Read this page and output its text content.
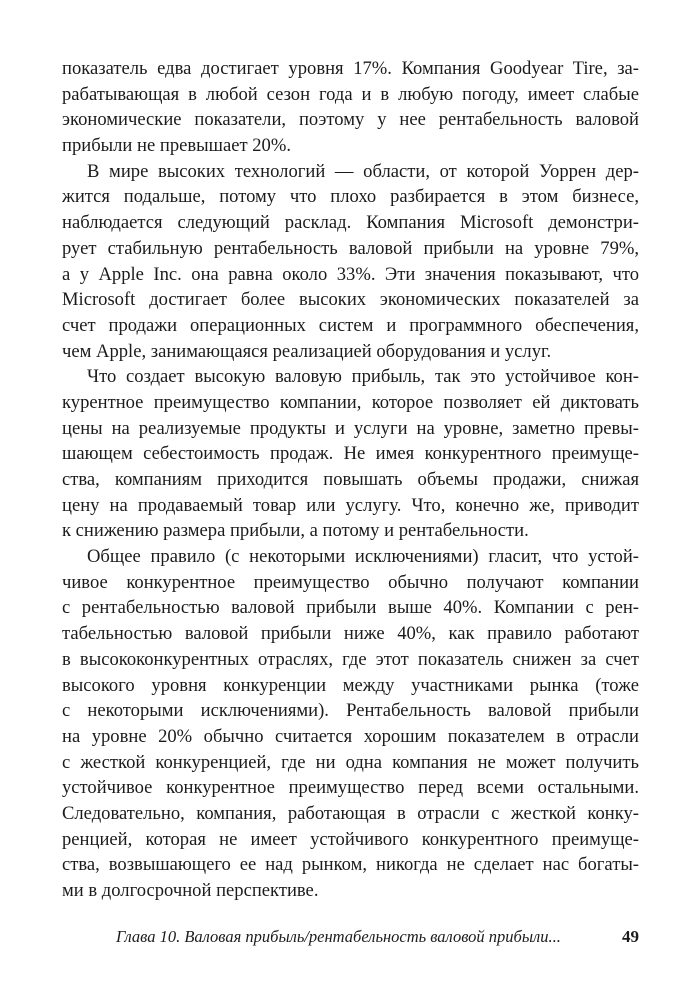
показатель едва достигает уровня 17%. Компания Goodyear Tire, за-
рабатывающая в любой сезон года и в любую погоду, имеет слабые
экономические показатели, поэтому у нее рентабельность валовой
прибыли не превышает 20%.
В мире высоких технологий — области, от которой Уоррен дер-
жится подальше, потому что плохо разбирается в этом бизнесе,
наблюдается следующий расклад. Компания Microsoft демонстри-
рует стабильную рентабельность валовой прибыли на уровне 79%,
а у Apple Inc. она равна около 33%. Эти значения показывают, что
Microsoft достигает более высоких экономических показателей за
счет продажи операционных систем и программного обеспечения,
чем Apple, занимающаяся реализацией оборудования и услуг.
Что создает высокую валовую прибыль, так это устойчивое кон-
курентное преимущество компании, которое позволяет ей диктовать
цены на реализуемые продукты и услуги на уровне, заметно превы-
шающем себестоимость продаж. Не имея конкурентного преимуще-
ства, компаниям приходится повышать объемы продажи, снижая
цену на продаваемый товар или услугу. Что, конечно же, приводит
к снижению размера прибыли, а потому и рентабельности.
Общее правило (с некоторыми исключениями) гласит, что устой-
чивое конкурентное преимущество обычно получают компании
с рентабельностью валовой прибыли выше 40%. Компании с рен-
табельностью валовой прибыли ниже 40%, как правило работают
в высококонкурентных отраслях, где этот показатель снижен за счет
высокого уровня конкуренции между участниками рынка (тоже
с некоторыми исключениями). Рентабельность валовой прибыли
на уровне 20% обычно считается хорошим показателем в отрасли
с жесткой конкуренцией, где ни одна компания не может получить
устойчивое конкурентное преимущество перед всеми остальными.
Следовательно, компания, работающая в отрасли с жесткой конку-
ренцией, которая не имеет устойчивого конкурентного преимуще-
ства, возвышающего ее над рынком, никогда не сделает нас богаты-
ми в долгосрочной перспективе.
Глава 10. Валовая прибыль/рентабельность валовой прибыли...	49
